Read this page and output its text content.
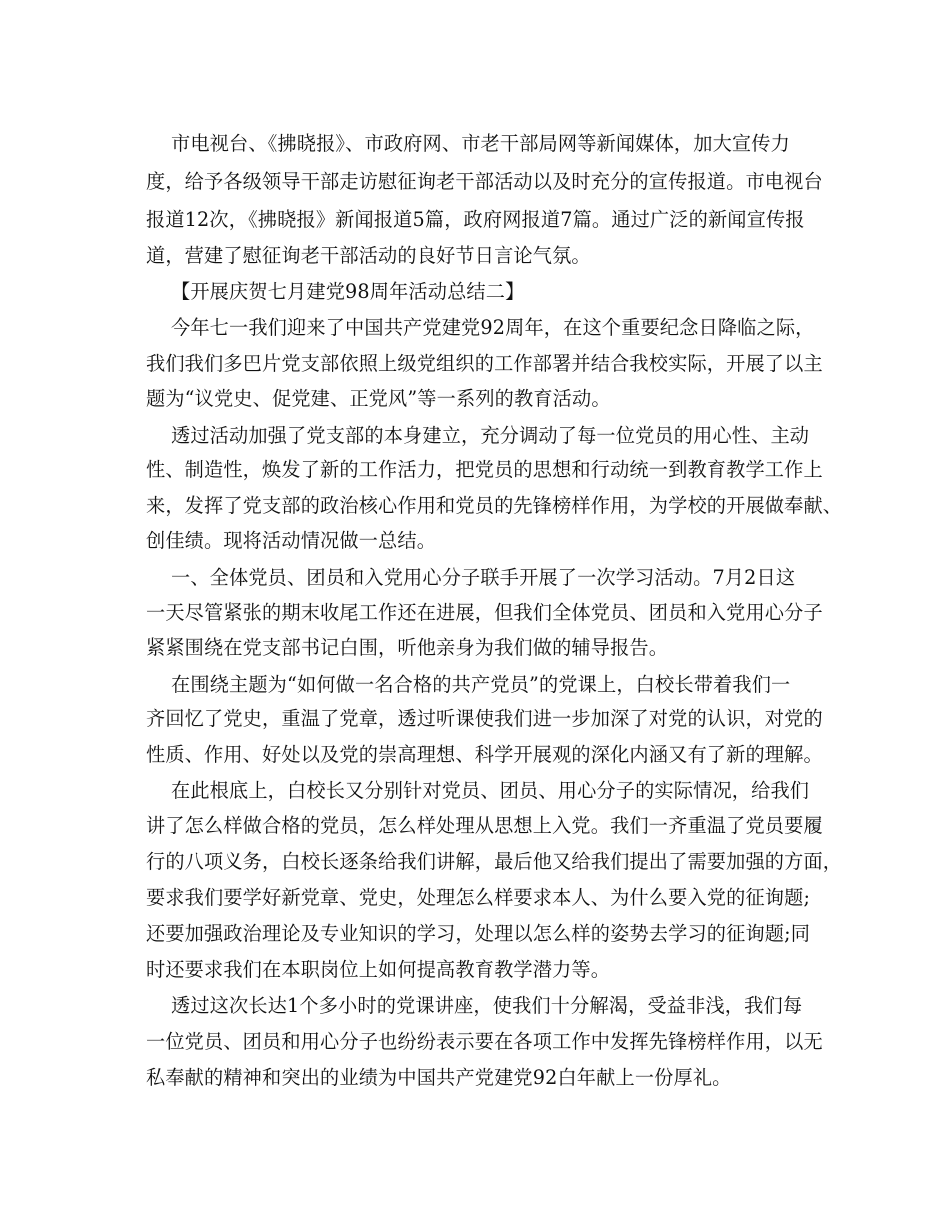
市电视台、《拂晓报》、市政府网、市老干部局网等新闻媒体，加大宣传力
度，给予各级领导干部走访慰征询老干部活动以及时充分的宣传报道。市电视台
报道12次，《拂晓报》新闻报道5篇，政府网报道7篇。通过广泛的新闻宣传报
道，营建了慰征询老干部活动的良好节日言论气氛。
【开展庆贺七月建党98周年活动总结二】
今年七一我们迎来了中国共产党建党92周年，在这个重要纪念日降临之际，
我们我们多巴片党支部依照上级党组织的工作部署并结合我校实际，开展了以主
题为“议党史、促党建、正党风”等一系列的教育活动。
透过活动加强了党支部的本身建立，充分调动了每一位党员的用心性、主动
性、制造性，焕发了新的工作活力，把党员的思想和行动统一到教育教学工作上
来，发挥了党支部的政治核心作用和党员的先锋榜样作用，为学校的开展做奉献、
创佳绩。现将活动情况做一总结。
一、全体党员、团员和入党用心分子联手开展了一次学习活动。7月2日这
一天尽管紧张的期末收尾工作还在进展，但我们全体党员、团员和入党用心分子
紧紧围绕在党支部书记白围，听他亲身为我们做的辅导报告。
在围绕主题为“如何做一名合格的共产党员”的党课上，白校长带着我们一
齐回忆了党史，重温了党章，透过听课使我们进一步加深了对党的认识，对党的
性质、作用、好处以及党的崇高理想、科学开展观的深化内涵又有了新的理解。
在此根底上，白校长又分别针对党员、团员、用心分子的实际情况，给我们
讲了怎么样做合格的党员，怎么样处理从思想上入党。我们一齐重温了党员要履
行的八项义务，白校长逐条给我们讲解，最后他又给我们提出了需要加强的方面，
要求我们要学好新党章、党史，处理怎么样要求本人、为什么要入党的征询题;
还要加强政治理论及专业知识的学习，处理以怎么样的姿势去学习的征询题;同
时还要求我们在本职岗位上如何提高教育教学潜力等。
透过这次长达1个多小时的党课讲座，使我们十分解渴，受益非浅，我们每
一位党员、团员和用心分子也纷纷表示要在各项工作中发挥先锋榜样作用，以无
私奉献的精神和突出的业绩为中国共产党建党92白年献上一份厚礼。
